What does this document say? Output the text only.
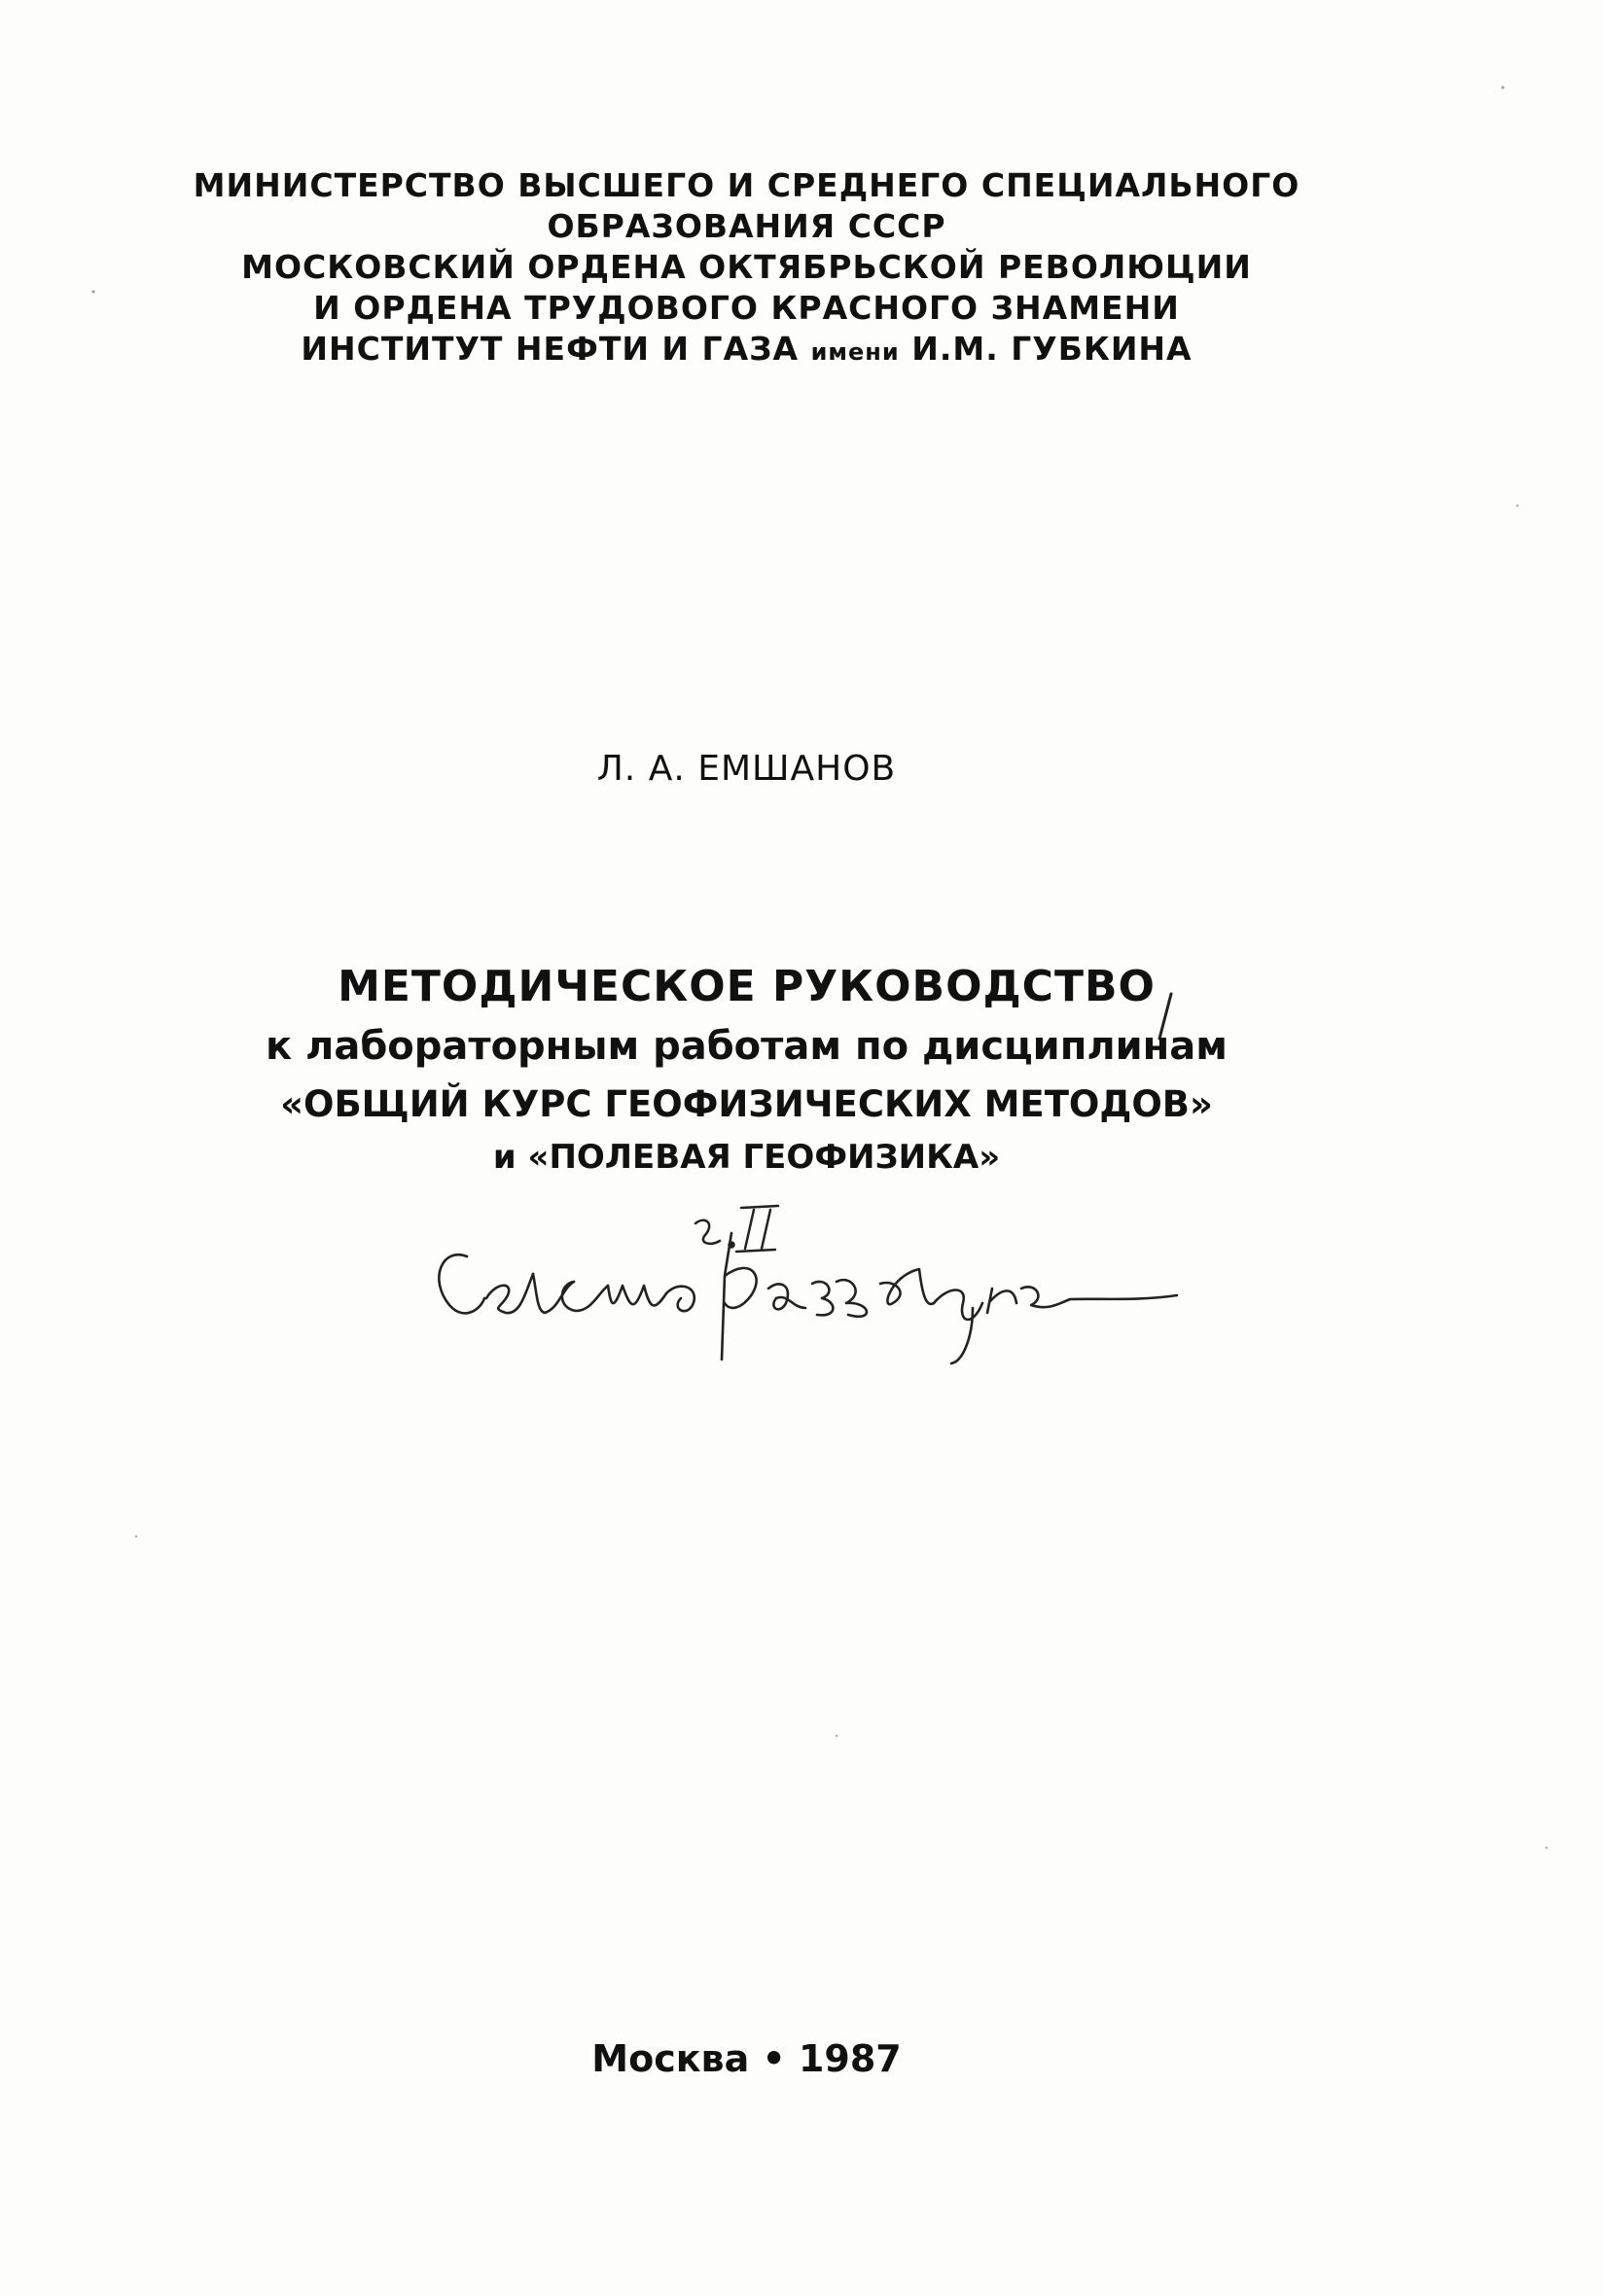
МИНИСТЕРСТВО ВЫСШЕГО И СРЕДНЕГО СПЕЦИАЛЬНОГО
ОБРАЗОВАНИЯ СССР
МОСКОВСКИЙ ОРДЕНА ОКТЯБРЬСКОЙ РЕВОЛЮЦИИ
И ОРДЕНА ТРУДОВОГО КРАСНОГО ЗНАМЕНИ
ИНСТИТУТ НЕФТИ И ГАЗА имени И.М. ГУБКИНА
Л. А. ЕМШАНОВ
МЕТОДИЧЕСКОЕ РУКОВОДСТВО
к лабораторным работам по дисциплинам
«ОБЩИЙ КУРС ГЕОФИЗИЧЕСКИХ МЕТОДОВ»
и «ПОЛЕВАЯ ГЕОФИЗИКА»
Москва • 1987
